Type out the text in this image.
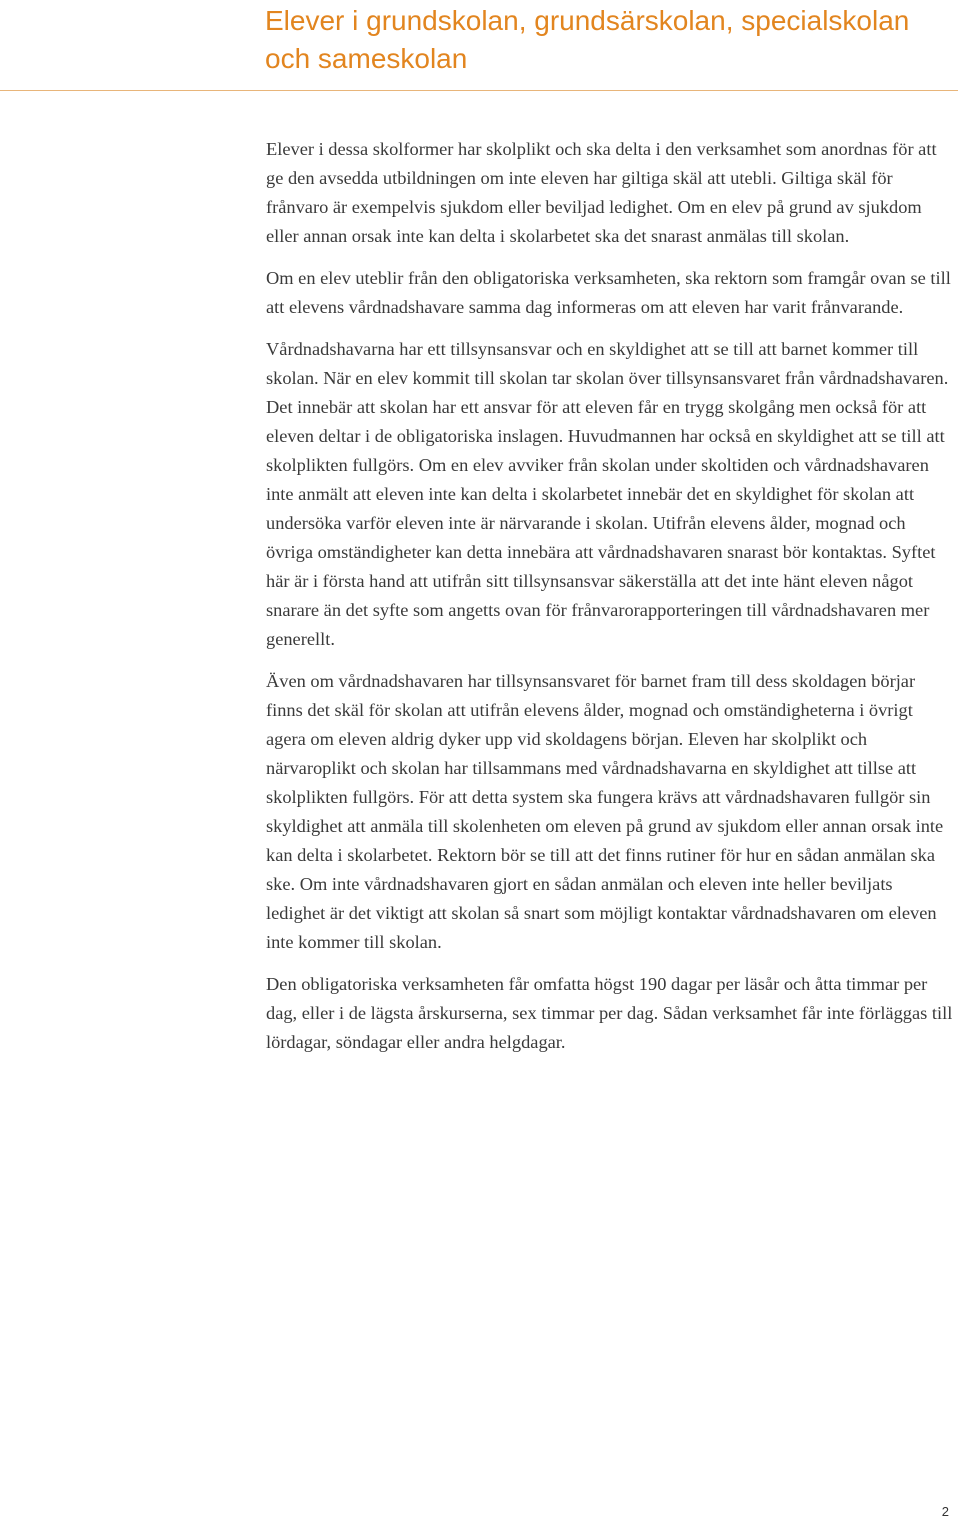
Elever i grundskolan, grundsärskolan, specialskolan och sameskolan

Elever i dessa skolformer har skolplikt och ska delta i den verksamhet som anordnas för att ge den avsedda utbildningen om inte eleven har giltiga skäl att utebli. Giltiga skäl för frånvaro är exempelvis sjukdom eller beviljad ledighet. Om en elev på grund av sjukdom eller annan orsak inte kan delta i skolarbetet ska det snarast anmälas till skolan.

Om en elev uteblir från den obligatoriska verksamheten, ska rektorn som framgår ovan se till att elevens vårdnadshavare samma dag informeras om att eleven har varit frånvarande.

Vårdnadshavarna har ett tillsynsansvar och en skyldighet att se till att barnet kommer till skolan. När en elev kommit till skolan tar skolan över tillsynsansvaret från vårdnadshavaren. Det innebär att skolan har ett ansvar för att eleven får en trygg skolgång men också för att eleven deltar i de obligatoriska inslagen. Huvudmannen har också en skyldighet att se till att skolplikten fullgörs. Om en elev avviker från skolan under skoltiden och vårdnadshavaren inte anmält att eleven inte kan delta i skolarbetet innebär det en skyldighet för skolan att undersöka varför eleven inte är närvarande i skolan. Utifrån elevens ålder, mognad och övriga omständigheter kan detta innebära att vårdnadshavaren snarast bör kontaktas. Syftet här är i första hand att utifrån sitt tillsynsansvar säkerställa att det inte hänt eleven något snarare än det syfte som angetts ovan för frånvarorapporteringen till vårdnadshavaren mer generellt.

Även om vårdnadshavaren har tillsynsansvaret för barnet fram till dess skoldagen börjar finns det skäl för skolan att utifrån elevens ålder, mognad och omständigheterna i övrigt agera om eleven aldrig dyker upp vid skoldagens början. Eleven har skolplikt och närvaroplikt och skolan har tillsammans med vårdnadshavarna en skyldighet att tillse att skolplikten fullgörs. För att detta system ska fungera krävs att vårdnadshavaren fullgör sin skyldighet att anmäla till skolenheten om eleven på grund av sjukdom eller annan orsak inte kan delta i skolarbetet. Rektorn bör se till att det finns rutiner för hur en sådan anmälan ska ske. Om inte vårdnadshavaren gjort en sådan anmälan och eleven inte heller beviljats ledighet är det viktigt att skolan så snart som möjligt kontaktar vårdnadshavaren om eleven inte kommer till skolan.

Den obligatoriska verksamheten får omfatta högst 190 dagar per läsår och åtta timmar per dag, eller i de lägsta årskurserna, sex timmar per dag. Sådan verksamhet får inte förläggas till lördagar, söndagar eller andra helgdagar.

2
